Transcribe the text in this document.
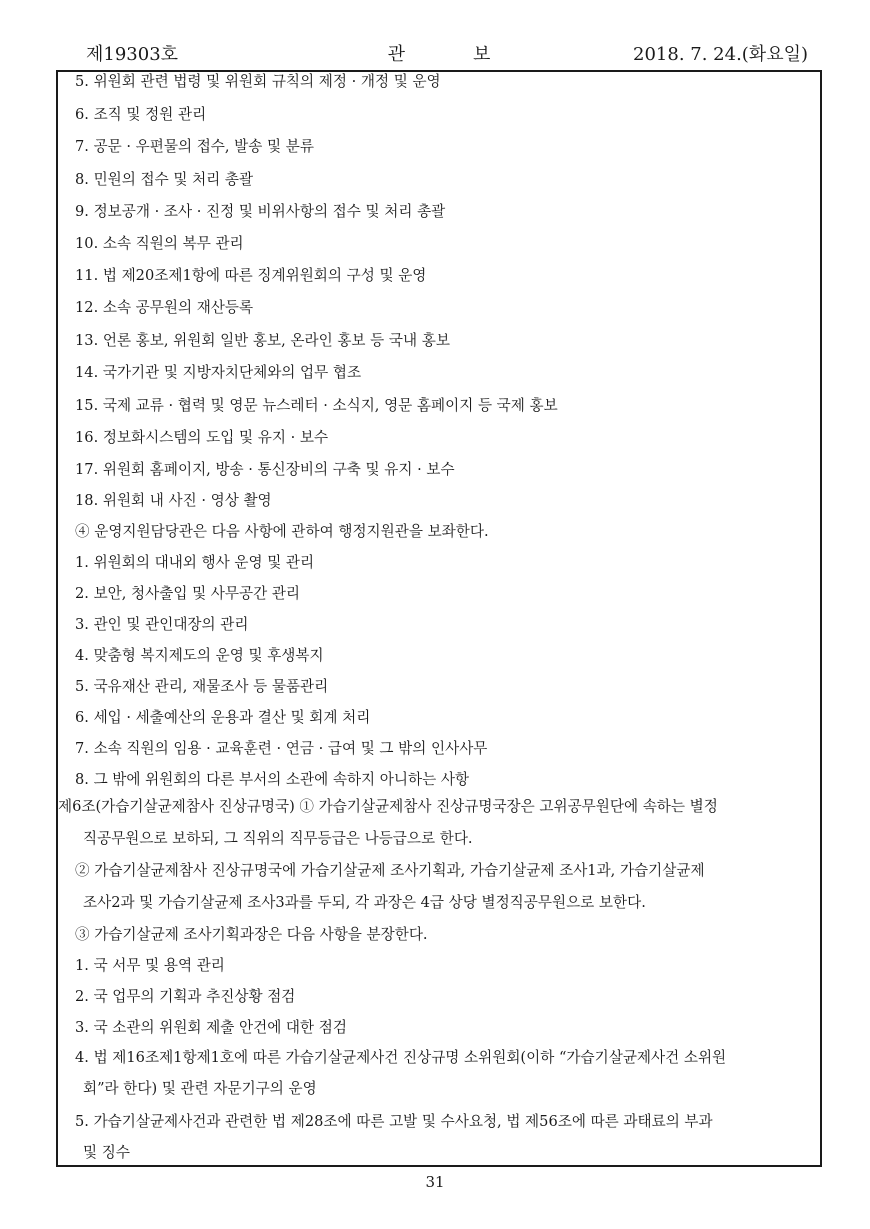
제19303호	관보	2018. 7. 24.(화요일)
5. 위원회 관련 법령 및 위원회 규칙의 제정 · 개정 및 운영
6. 조직 및 정원 관리
7. 공문 · 우편물의 접수, 발송 및 분류
8. 민원의 접수 및 처리 총괄
9. 정보공개 · 조사 · 진정 및 비위사항의 접수 및 처리 총괄
10. 소속 직원의 복무 관리
11. 법 제20조제1항에 따른 징계위원회의 구성 및 운영
12. 소속 공무원의 재산등록
13. 언론 홍보, 위원회 일반 홍보, 온라인 홍보 등 국내 홍보
14. 국가기관 및 지방자치단체와의 업무 협조
15. 국제 교류 · 협력 및 영문 뉴스레터 · 소식지, 영문 홈페이지 등 국제 홍보
16. 정보화시스템의 도입 및 유지 · 보수
17. 위원회 홈페이지, 방송 · 통신장비의 구축 및 유지 · 보수
18. 위원회 내 사진 · 영상 촬영
④ 운영지원담당관은 다음 사항에 관하여 행정지원관을 보좌한다.
1. 위원회의 대내외 행사 운영 및 관리
2. 보안, 청사출입 및 사무공간 관리
3. 관인 및 관인대장의 관리
4. 맞춤형 복지제도의 운영 및 후생복지
5. 국유재산 관리, 재물조사 등 물품관리
6. 세입 · 세출예산의 운용과 결산 및 회계 처리
7. 소속 직원의 임용 · 교육훈련 · 연금 · 급여 및 그 밖의 인사사무
8. 그 밖에 위원회의 다른 부서의 소관에 속하지 아니하는 사항
제6조(가습기살균제참사 진상규명국) ① 가습기살균제참사 진상규명국장은 고위공무원단에 속하는 별정
직공무원으로 보하되, 그 직위의 직무등급은 나등급으로 한다.
② 가습기살균제참사 진상규명국에 가습기살균제 조사기획과, 가습기살균제 조사1과, 가습기살균제
조사2과 및 가습기살균제 조사3과를 두되, 각 과장은 4급 상당 별정직공무원으로 보한다.
③ 가습기살균제 조사기획과장은 다음 사항을 분장한다.
1. 국 서무 및 용역 관리
2. 국 업무의 기획과 추진상황 점검
3. 국 소관의 위원회 제출 안건에 대한 점검
4. 법 제16조제1항제1호에 따른 가습기살균제사건 진상규명 소위원회(이하 “가습기살균제사건 소위원
회”라 한다) 및 관련 자문기구의 운영
5. 가습기살균제사건과 관련한 법 제28조에 따른 고발 및 수사요청, 법 제56조에 따른 과태료의 부과
및 징수
31
